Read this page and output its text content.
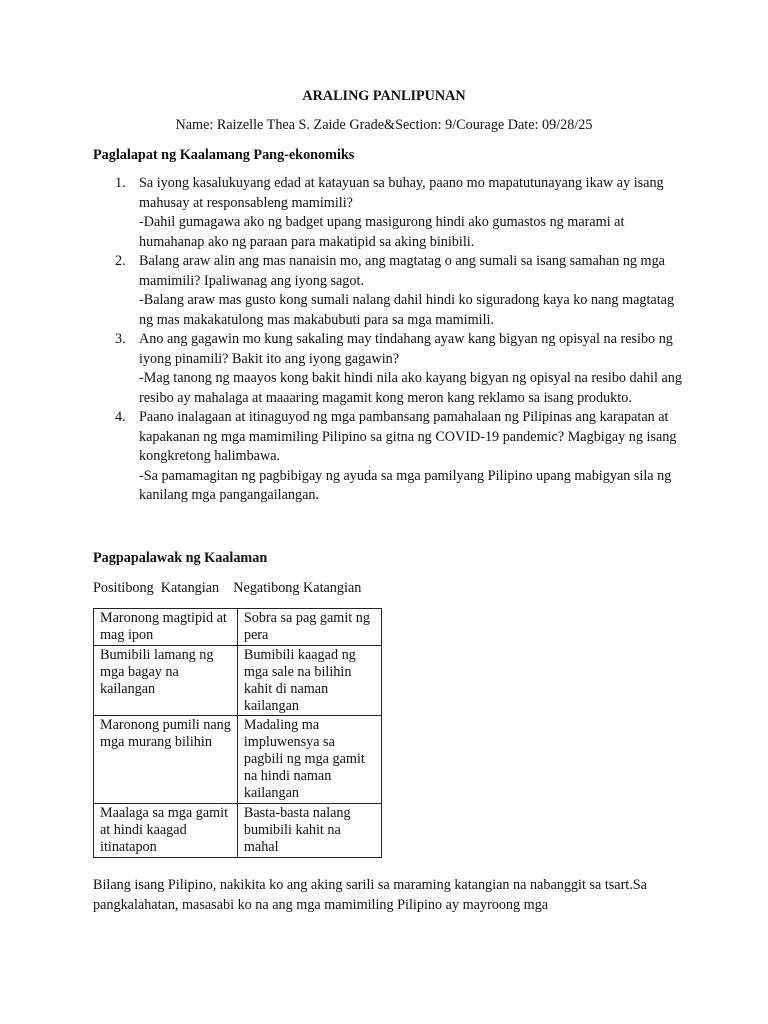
ARALING PANLIPUNAN

Name: Raizelle Thea S. Zaide Grade&Section: 9/Courage Date: 09/28/25

Paglalapat ng Kaalamang Pang-ekonomiks

1. Sa iyong kasalukuyang edad at katayuan sa buhay, paano mo mapatutunayang ikaw ay isang mahusay at responsableng mamimili?
-Dahil gumagawa ako ng badget upang masigurong hindi ako gumastos ng marami at humahanap ako ng paraan para makatipid sa aking binibili.
2. Balang araw alin ang mas nanaisin mo, ang magtatag o ang sumali sa isang samahan ng mga mamimili? Ipaliwanag ang iyong sagot.
-Balang araw mas gusto kong sumali nalang dahil hindi ko siguradong kaya ko nang magtatag ng mas makakatulong mas makabubuti para sa mga mamimili.
3. Ano ang gagawin mo kung sakaling may tindahang ayaw kang bigyan ng opisyal na resibo ng iyong pinamili? Bakit ito ang iyong gagawin?
-Mag tanong ng maayos kong bakit hindi nila ako kayang bigyan ng opisyal na resibo dahil ang resibo ay mahalaga at maaaring magamit kong meron kang reklamo sa isang produkto.
4. Paano inalagaan at itinaguyod ng mga pambansang pamahalaan ng Pilipinas ang karapatan at kapakanan ng mga mamimiling Pilipino sa gitna ng COVID-19 pandemic? Magbigay ng isang kongkretong halimbawa.
-Sa pamamagitan ng pagbibigay ng ayuda sa mga pamilyang Pilipino upang mabigyan sila ng kanilang mga pangangailangan.

Pagpapalawak ng Kaalaman

Positibong  Katangian    Negatibong Katangian

Maronong magtipid at mag ipon	Sobra sa pag gamit ng pera
Bumibili lamang ng mga bagay na kailangan	Bumibili kaagad ng mga sale na bilihin kahit di naman kailangan
Maronong pumili nang mga murang bilihin	Madaling ma impluwensya sa pagbili ng mga gamit na hindi naman kailangan
Maalaga sa mga gamit at hindi kaagad itinatapon	Basta-basta nalang bumibili kahit na mahal

Bilang isang Pilipino, nakikita ko ang aking sarili sa maraming katangian na nabanggit sa tsart.Sa pangkalahatan, masasabi ko na ang mga mamimiling Pilipino ay mayroong mga
